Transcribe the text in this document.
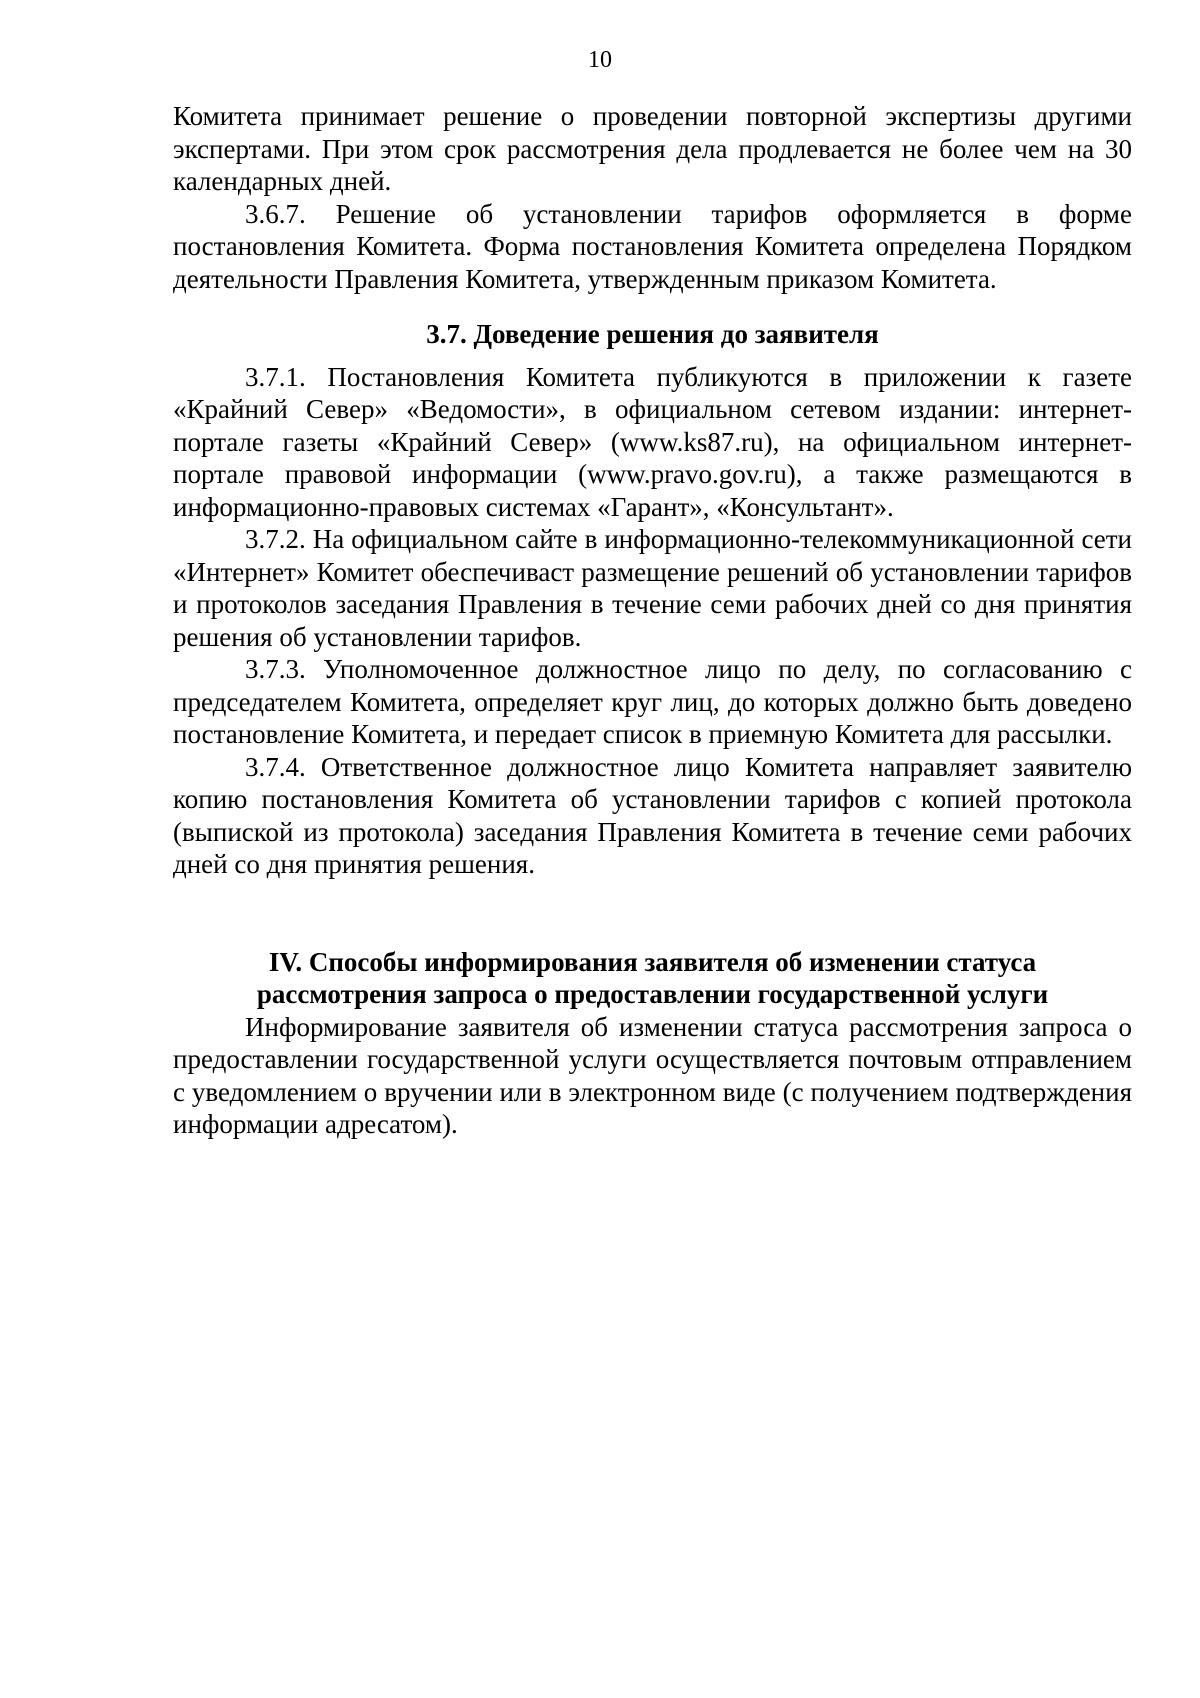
10

Комитета принимает решение о проведении повторной экспертизы другими экспертами. При этом срок рассмотрения дела продлевается не более чем на 30 календарных дней.

3.6.7. Решение об установлении тарифов оформляется в форме постановления Комитета. Форма постановления Комитета определена Порядком деятельности Правления Комитета, утвержденным приказом Комитета.

3.7. Доведение решения до заявителя

3.7.1. Постановления Комитета публикуются в приложении к газете «Крайний Север» «Ведомости», в официальном сетевом издании: интернет-портале газеты «Крайний Север» (www.ks87.ru), на официальном интернет-портале правовой информации (www.pravo.gov.ru), а также размещаются в информационно-правовых системах «Гарант», «Консультант».

3.7.2. На официальном сайте в информационно-телекоммуникационной сети «Интернет» Комитет обеспечиваст размещение решений об установлении тарифов и протоколов заседания Правления в течение семи рабочих дней со дня принятия решения об установлении тарифов.

3.7.3. Уполномоченное должностное лицо по делу, по согласованию с председателем Комитета, определяет круг лиц, до которых должно быть доведено постановление Комитета, и передает список в приемную Комитета для рассылки.

3.7.4. Ответственное должностное лицо Комитета направляет заявителю копию постановления Комитета об установлении тарифов с копией протокола (выпиской из протокола) заседания Правления Комитета в течение семи рабочих дней со дня принятия решения.

IV. Способы информирования заявителя об изменении статуса
рассмотрения запроса о предоставлении государственной услуги

Информирование заявителя об изменении статуса рассмотрения запроса о предоставлении государственной услуги осуществляется почтовым отправлением с уведомлением о вручении или в электронном виде (с получением подтверждения информации адресатом).
